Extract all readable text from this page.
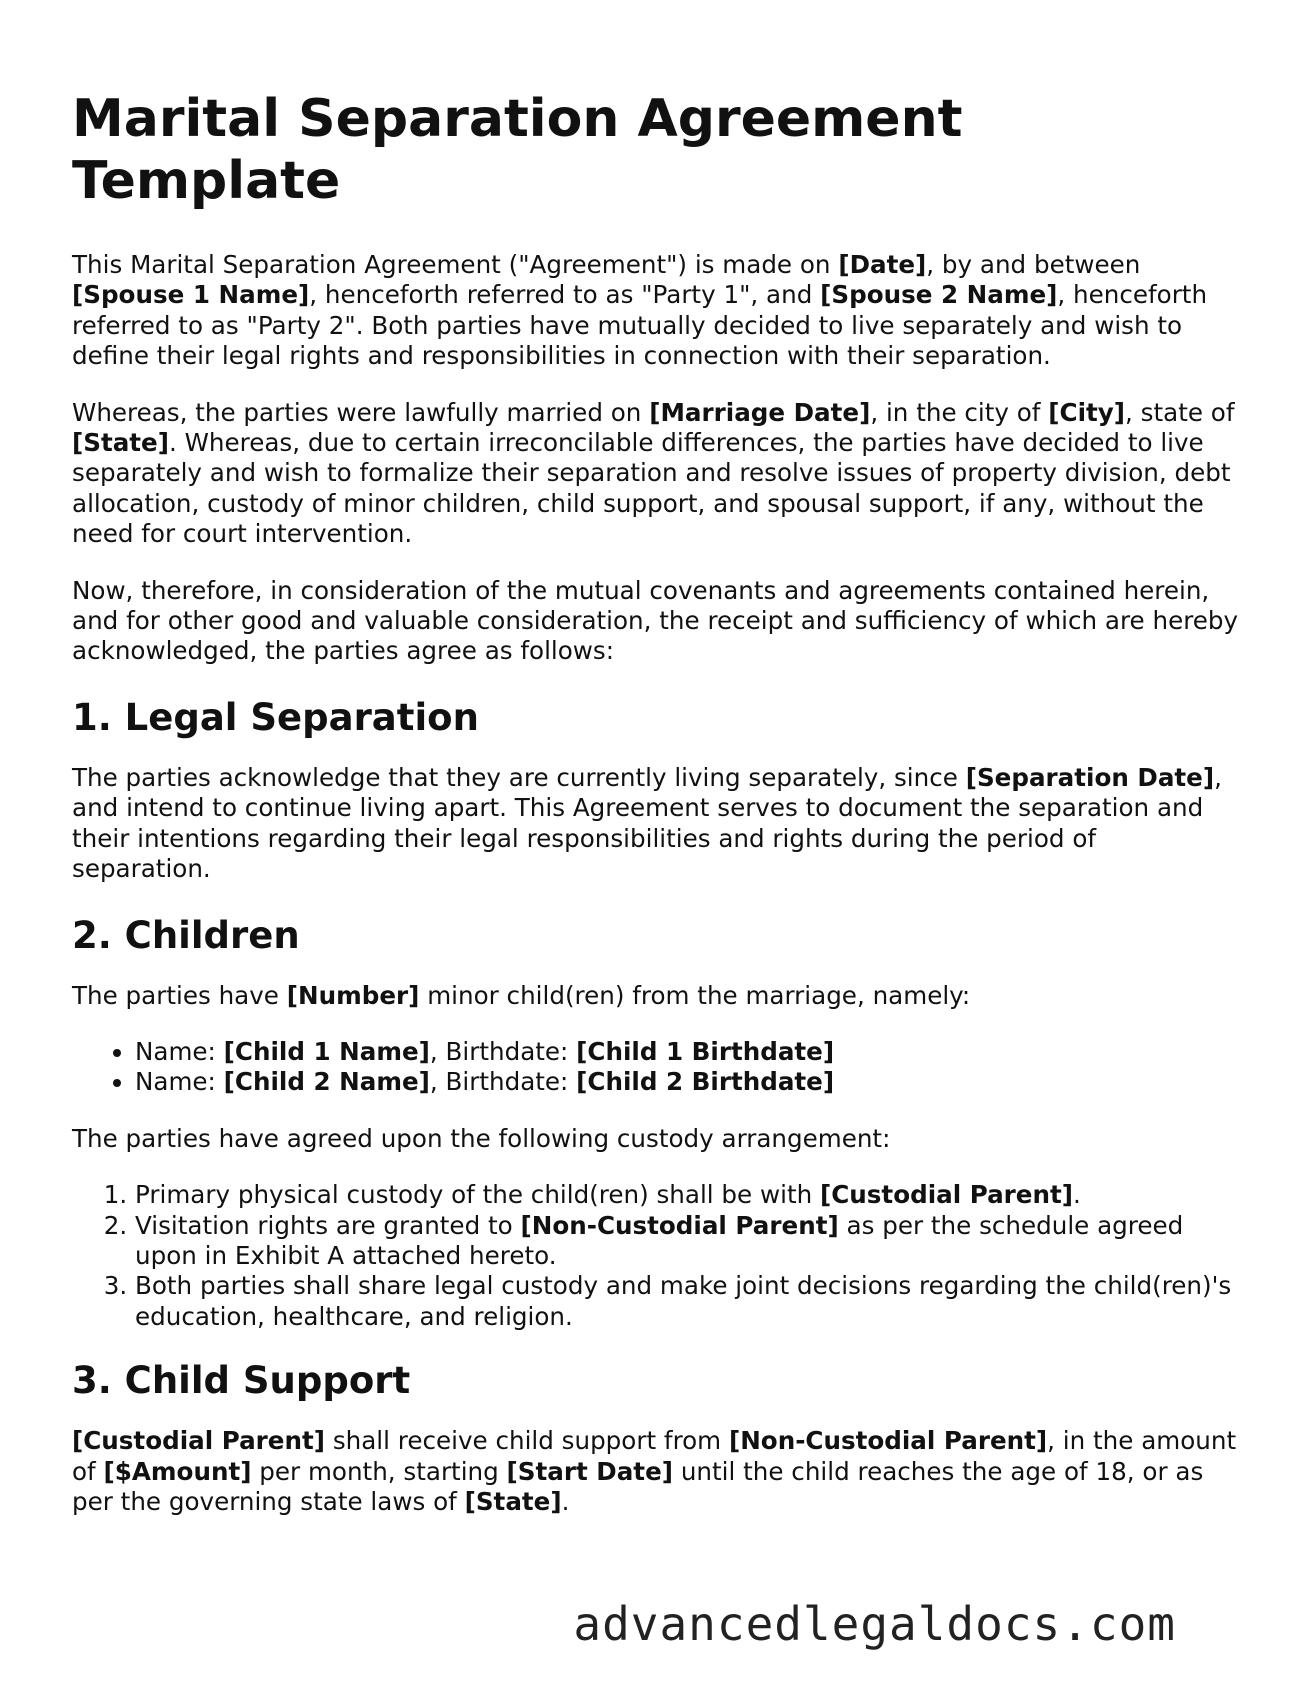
Marital Separation Agreement Template

This Marital Separation Agreement ("Agreement") is made on [Date], by and between [Spouse 1 Name], henceforth referred to as "Party 1", and [Spouse 2 Name], henceforth referred to as "Party 2". Both parties have mutually decided to live separately and wish to define their legal rights and responsibilities in connection with their separation.

Whereas, the parties were lawfully married on [Marriage Date], in the city of [City], state of [State]. Whereas, due to certain irreconcilable differences, the parties have decided to live separately and wish to formalize their separation and resolve issues of property division, debt allocation, custody of minor children, child support, and spousal support, if any, without the need for court intervention.

Now, therefore, in consideration of the mutual covenants and agreements contained herein, and for other good and valuable consideration, the receipt and sufficiency of which are hereby acknowledged, the parties agree as follows:

1. Legal Separation

The parties acknowledge that they are currently living separately, since [Separation Date], and intend to continue living apart. This Agreement serves to document the separation and their intentions regarding their legal responsibilities and rights during the period of separation.

2. Children

The parties have [Number] minor child(ren) from the marriage, namely:

• Name: [Child 1 Name], Birthdate: [Child 1 Birthdate]
• Name: [Child 2 Name], Birthdate: [Child 2 Birthdate]

The parties have agreed upon the following custody arrangement:

1. Primary physical custody of the child(ren) shall be with [Custodial Parent].
2. Visitation rights are granted to [Non-Custodial Parent] as per the schedule agreed upon in Exhibit A attached hereto.
3. Both parties shall share legal custody and make joint decisions regarding the child(ren)'s education, healthcare, and religion.
3. Child Support

[Custodial Parent] shall receive child support from [Non-Custodial Parent], in the amount of [$Amount] per month, starting [Start Date] until the child reaches the age of 18, or as per the governing state laws of [State].

advancedlegaldocs.com
